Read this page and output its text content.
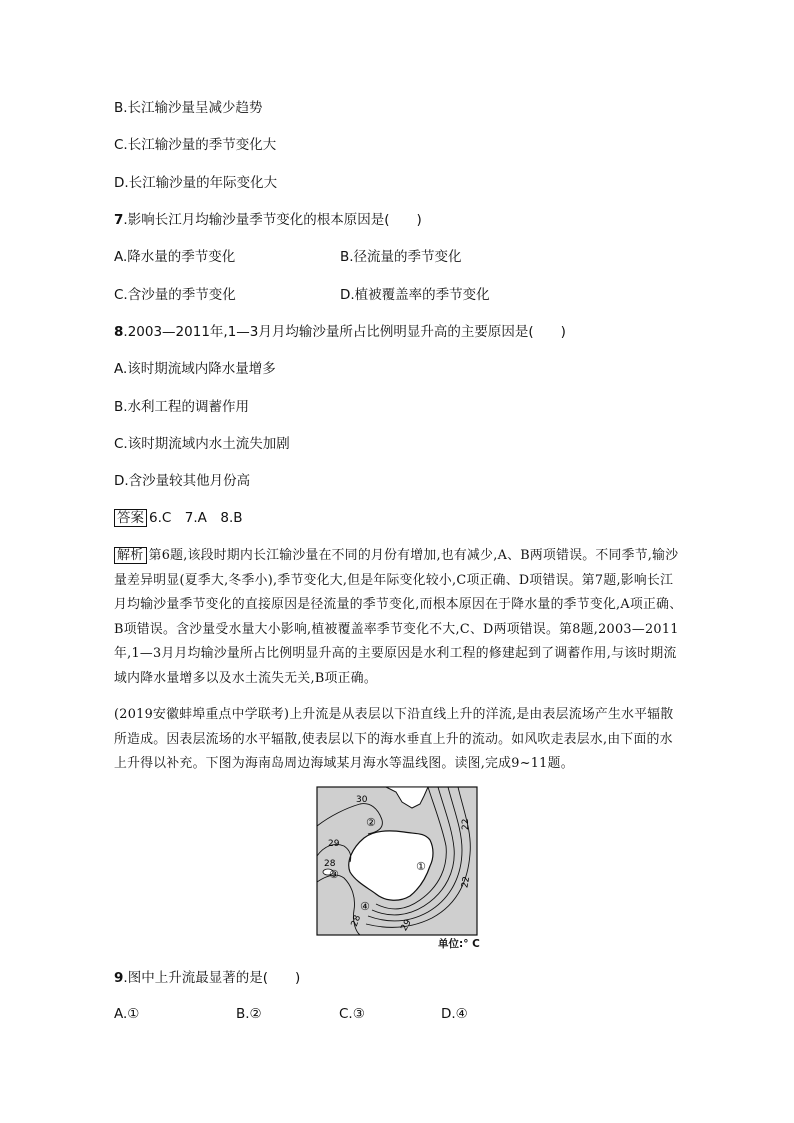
B.长江输沙量呈减少趋势
C.长江输沙量的季节变化大
D.长江输沙量的年际变化大
7.影响长江月均输沙量季节变化的根本原因是(　　)
A.降水量的季节变化	B.径流量的季节变化
C.含沙量的季节变化	D.植被覆盖率的季节变化
8.2003—2011年,1—3月月均输沙量所占比例明显升高的主要原因是(　　)
A.该时期流域内降水量增多
B.水利工程的调蓄作用
C.该时期流域内水土流失加剧
D.含沙量较其他月份高
答案 6.C　7.A　8.B

解析 第6题,该段时期内长江输沙量在不同的月份有增加,也有减少,A、B两项错误。不同季节,输沙量差异明显(夏季大,冬季小),季节变化大,但是年际变化较小,C项正确、D项错误。第7题,影响长江月均输沙量季节变化的直接原因是径流量的季节变化,而根本原因在于降水量的季节变化,A项正确、B项错误。含沙量受水量大小影响,植被覆盖率季节变化不大,C、D两项错误。第8题,2003—2011年,1—3月月均输沙量所占比例明显升高的主要原因是水利工程的修建起到了调蓄作用,与该时期流域内降水量增多以及水土流失无关,B项正确。

(2019安徽蚌埠重点中学联考)上升流是从表层以下沿直线上升的洋流,是由表层流场产生水平辐散所造成。因表层流场的水平辐散,使表层以下的海水垂直上升的流动。如风吹走表层水,由下面的水上升得以补充。下图为海南岛周边海域某月海水等温线图。读图,完成9~11题。

30
29
28
28	29
22
22
①
②
③
④
单位:° C
9.图中上升流最显著的是(　　)
A.①	B.②	C.③	D.④
